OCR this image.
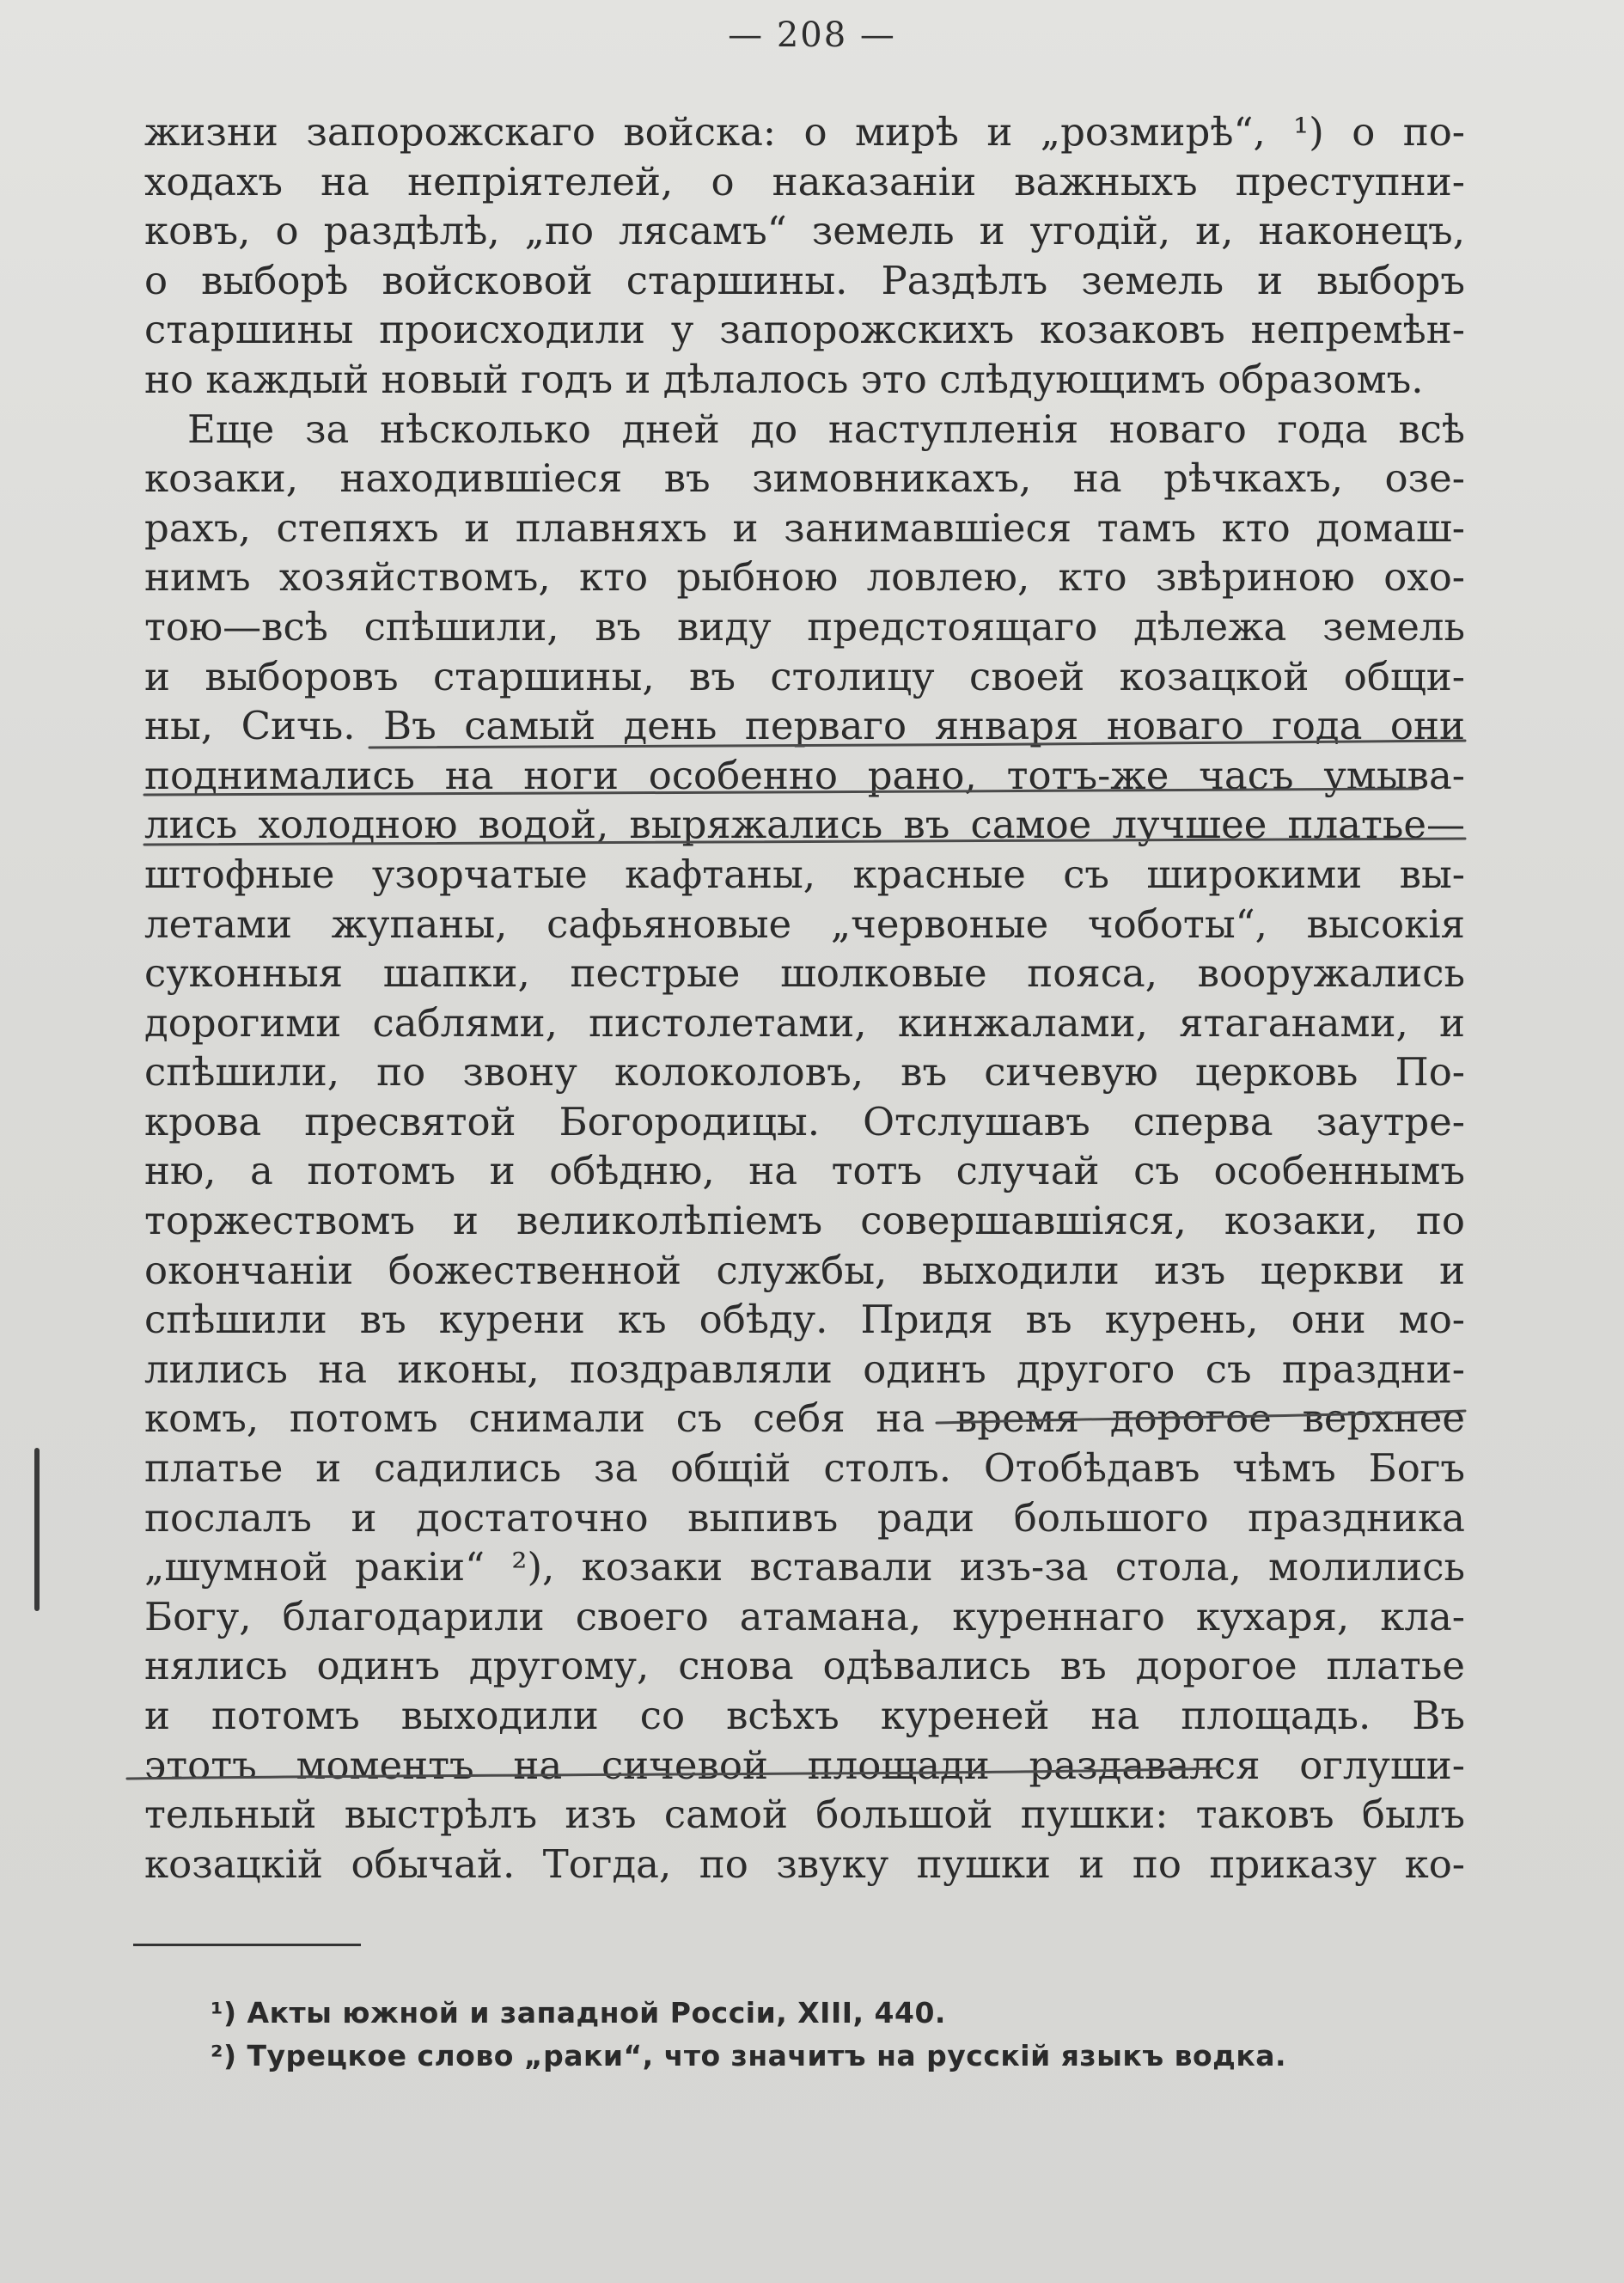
— 208 —
жизни запорожскаго войска: о мирѣ и „розмирѣ“, ¹) о по-
ходахъ на непріятелей, о наказаніи важныхъ преступни-
ковъ, о раздѣлѣ, „по лясамъ“ земель и угодій, и, наконецъ,
о выборѣ войсковой старшины. Раздѣлъ земель и выборъ
старшины происходили у запорожскихъ козаковъ непремѣн-
но каждый новый годъ и дѣлалось это слѣдующимъ образомъ.
Еще за нѣсколько дней до наступленія новаго года всѣ
козаки, находившіеся въ зимовникахъ, на рѣчкахъ, озе-
рахъ, степяхъ и плавняхъ и занимавшіеся тамъ кто домаш-
нимъ хозяйствомъ, кто рыбною ловлею, кто звѣриною охо-
тою—всѣ спѣшили, въ виду предстоящаго дѣлежа земель
и выборовъ старшины, въ столицу своей козацкой общи-
ны, Сичь. Въ самый день перваго января новаго года они
поднимались на ноги особенно рано, тотъ-же часъ умыва-
лись холодною водой, выряжались въ самое лучшее платье—
штофные узорчатые кафтаны, красные съ широкими вы-
летами жупаны, сафьяновые „червоные чоботы“, высокія
суконныя шапки, пестрые шолковые пояса, вооружались
дорогими саблями, пистолетами, кинжалами, ятаганами, и
спѣшили, по звону колоколовъ, въ сичевую церковь По-
крова пресвятой Богородицы. Отслушавъ сперва заутре-
ню, а потомъ и обѣдню, на тотъ случай съ особеннымъ
торжествомъ и великолѣпіемъ совершавшіяся, козаки, по
окончаніи божественной службы, выходили изъ церкви и
спѣшили въ курени къ обѣду. Придя въ курень, они мо-
лились на иконы, поздравляли одинъ другого съ праздни-
комъ, потомъ снимали съ себя на время дорогое верхнее
платье и садились за общій столъ. Отобѣдавъ чѣмъ Богъ
послалъ и достаточно выпивъ ради большого праздника
„шумной ракіи“ ²), козаки вставали изъ-за стола, молились
Богу, благодарили своего атамана, куреннаго кухаря, кла-
нялись одинъ другому, снова одѣвались въ дорогое платье
и потомъ выходили со всѣхъ куреней на площадь. Въ
этотъ моментъ на сичевой площади раздавался оглуши-
тельный выстрѣлъ изъ самой большой пушки: таковъ былъ
козацкій обычай. Тогда, по звуку пушки и по приказу ко-
¹) Акты южной и западной Россіи, XIII, 440.
²) Турецкое слово „раки“, что значитъ на русскій языкъ водка.
